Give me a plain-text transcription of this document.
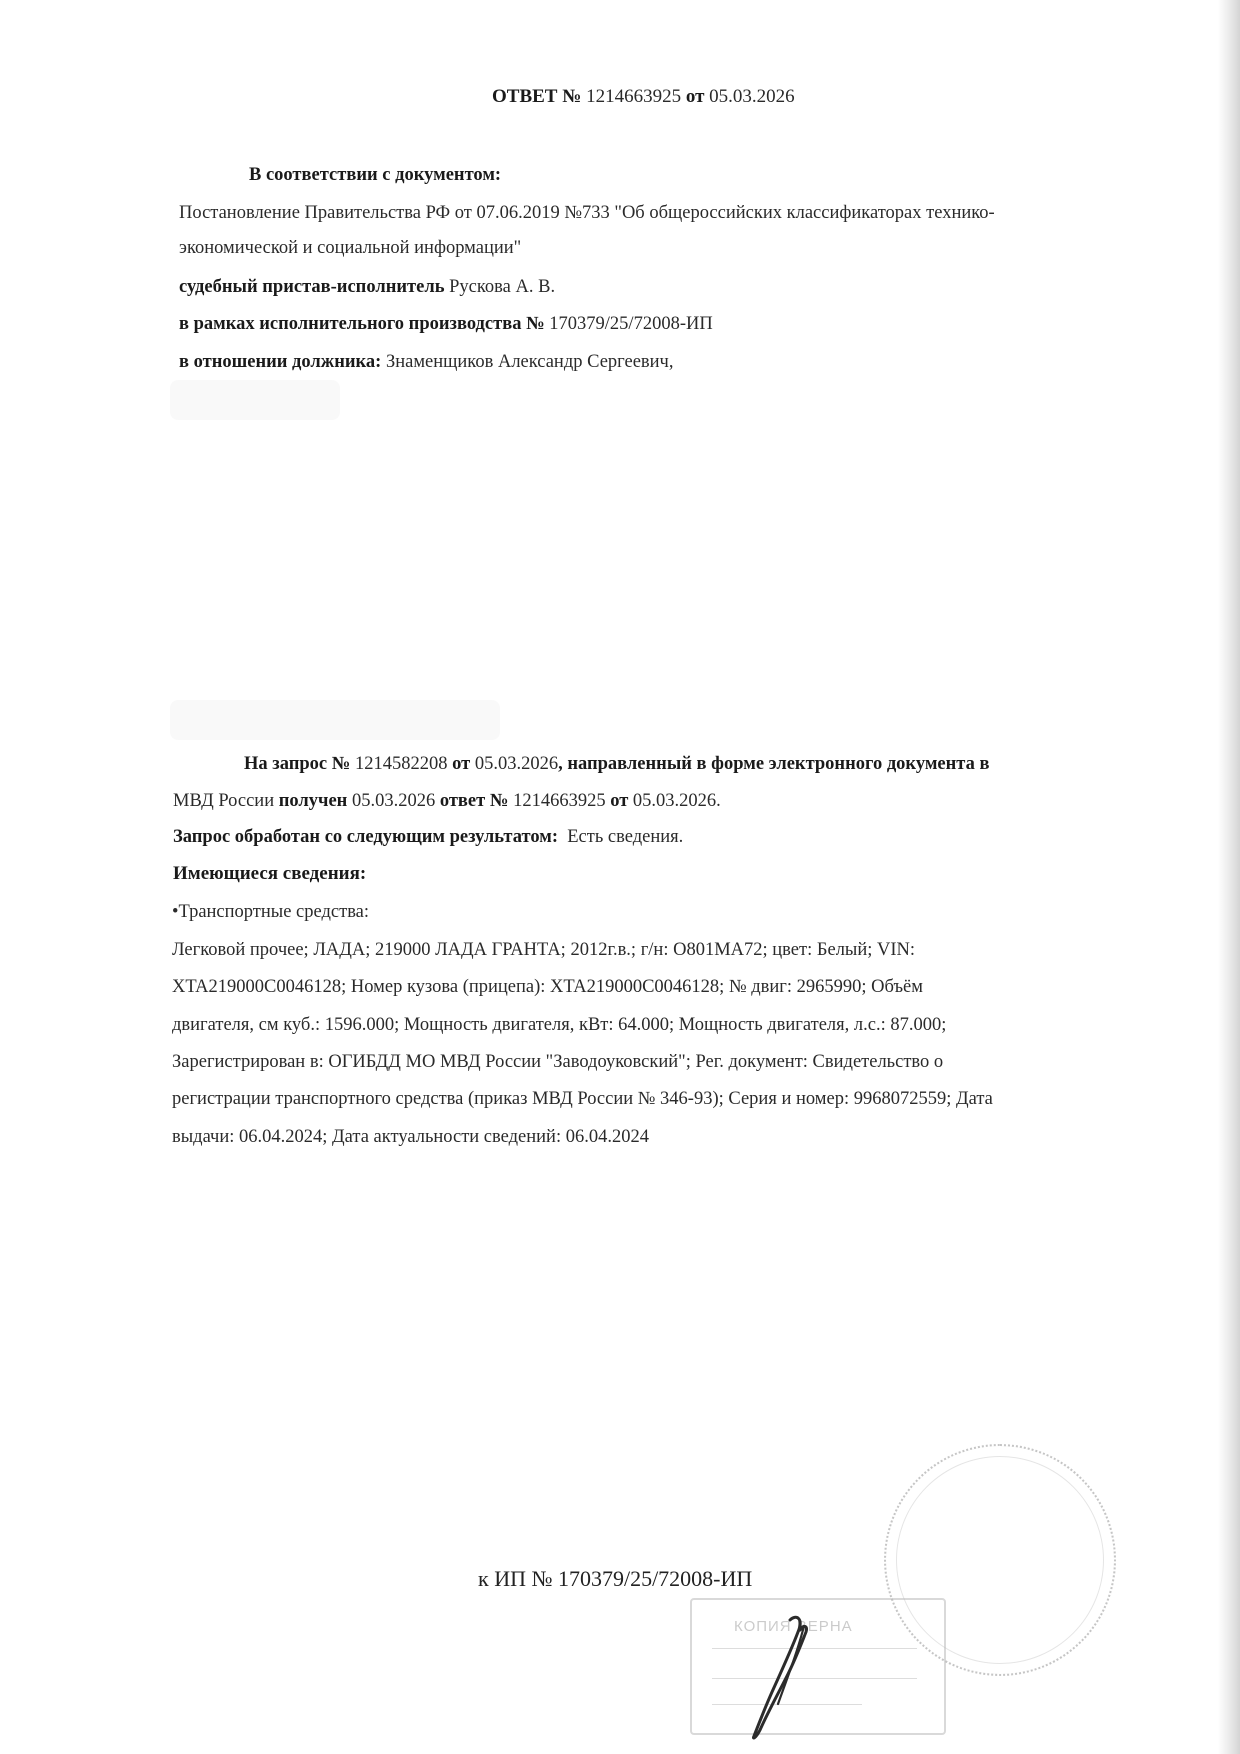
ОТВЕТ № 1214663925 от 05.03.2026
В соответствии с документом:
Постановление Правительства РФ от 07.06.2019 №733 "Об общероссийских классификаторах технико-
экономической и социальной информации"
судебный пристав-исполнитель Рускова А. В.
в рамках исполнительного производства № 170379/25/72008-ИП
в отношении должника: Знаменщиков Александр Сергеевич,
На запрос № 1214582208 от 05.03.2026, направленный в форме электронного документа в
МВД России получен 05.03.2026 ответ № 1214663925 от 05.03.2026.
Запрос обработан со следующим результатом: Есть сведения.
Имеющиеся сведения:
•Транспортные средства:
Легковой прочее; ЛАДА; 219000 ЛАДА ГРАНТА; 2012г.в.; г/н: О801МА72; цвет: Белый; VIN:
XTA219000C0046128; Номер кузова (прицепа): XTA219000C0046128; № двиг: 2965990; Объём
двигателя, см куб.: 1596.000; Мощность двигателя, кВт: 64.000; Мощность двигателя, л.с.: 87.000;
Зарегистрирован в: ОГИБДД МО МВД России "Заводоуковский"; Рег. документ: Свидетельство о
регистрации транспортного средства (приказ МВД России № 346-93); Серия и номер: 9968072559; Дата
выдачи: 06.04.2024; Дата актуальности сведений: 06.04.2024
КОПИЯ ВЕРНА
к ИП № 170379/25/72008-ИП
